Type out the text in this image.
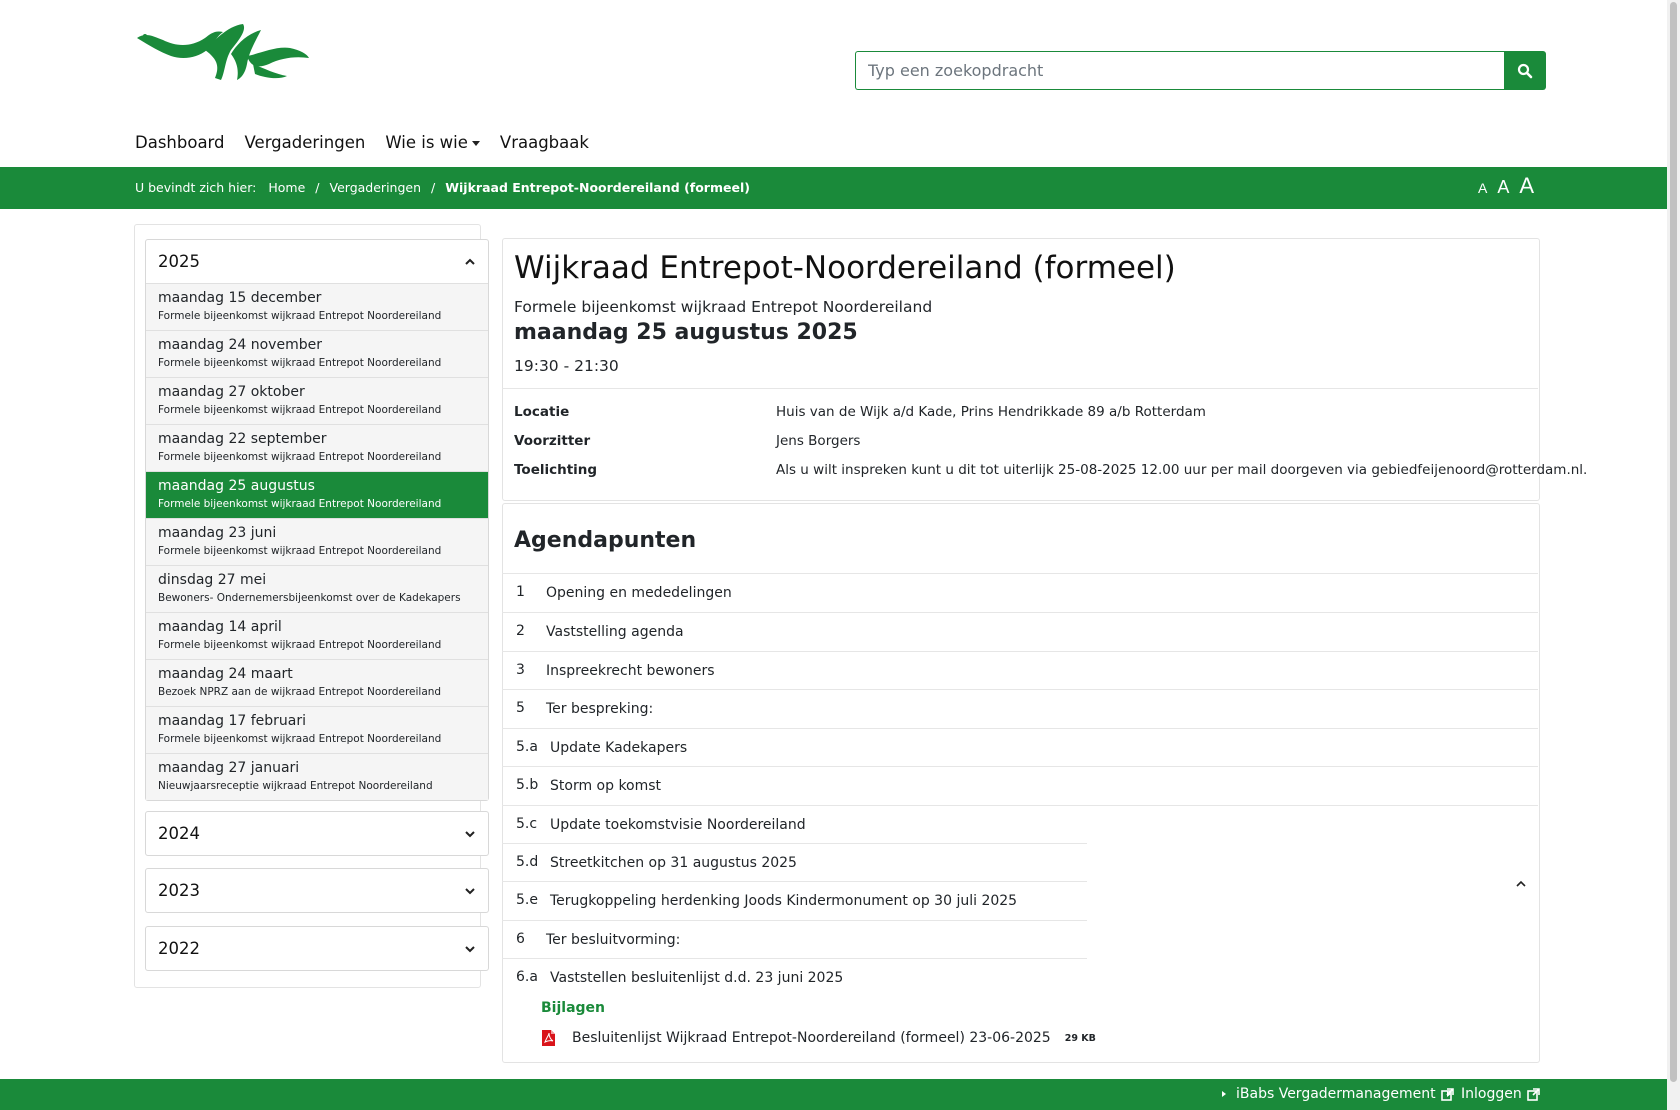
Typ een zoekopdracht
Dashboard Vergaderingen Wie is wie	Vraagbaak
U bevindt zich hier: Home / Vergaderingen / Wijkraad Entrepot-Noordereiland (formeel)	A A A
2025
maandag 15 december
Formele bijeenkomst wijkraad Entrepot Noordereiland
maandag 24 november
Formele bijeenkomst wijkraad Entrepot Noordereiland
maandag 27 oktober
Formele bijeenkomst wijkraad Entrepot Noordereiland
maandag 22 september
Formele bijeenkomst wijkraad Entrepot Noordereiland
maandag 25 augustus
Formele bijeenkomst wijkraad Entrepot Noordereiland
maandag 23 juni
Formele bijeenkomst wijkraad Entrepot Noordereiland
dinsdag 27 mei
Bewoners- Ondernemersbijeenkomst over de Kadekapers
maandag 14 april
Formele bijeenkomst wijkraad Entrepot Noordereiland
maandag 24 maart
Bezoek NPRZ aan de wijkraad Entrepot Noordereiland
maandag 17 februari
Formele bijeenkomst wijkraad Entrepot Noordereiland
maandag 27 januari
Nieuwjaarsreceptie wijkraad Entrepot Noordereiland
2024
2023
2022
Wijkraad Entrepot-Noordereiland (formeel)
Formele bijeenkomst wijkraad Entrepot Noordereiland
maandag 25 augustus 2025
19:30 - 21:30
Locatie	Huis van de Wijk a/d Kade, Prins Hendrikkade 89 a/b Rotterdam
Voorzitter	Jens Borgers
Toelichting	Als u wilt inspreken kunt u dit tot uiterlijk 25-08-2025 12.00 uur per mail doorgeven via gebiedfeijenoord@rotterdam.nl.
Agendapunten
1 Opening en mededelingen
2 Vaststelling agenda
3 Inspreekrecht bewoners
5 Ter bespreking:
5.a Update Kadekapers
5.b Storm op komst
5.c Update toekomstvisie Noordereiland
5.d Streetkitchen op 31 augustus 2025
5.e Terugkoppeling herdenking Joods Kindermonument op 30 juli 2025
6 Ter besluitvorming:
6.a Vaststellen besluitenlijst d.d. 23 juni 2025
Bijlagen
Besluitenlijst Wijkraad Entrepot-Noordereiland (formeel) 23-06-2025 29 KB
iBabs Vergadermanagement Inloggen
